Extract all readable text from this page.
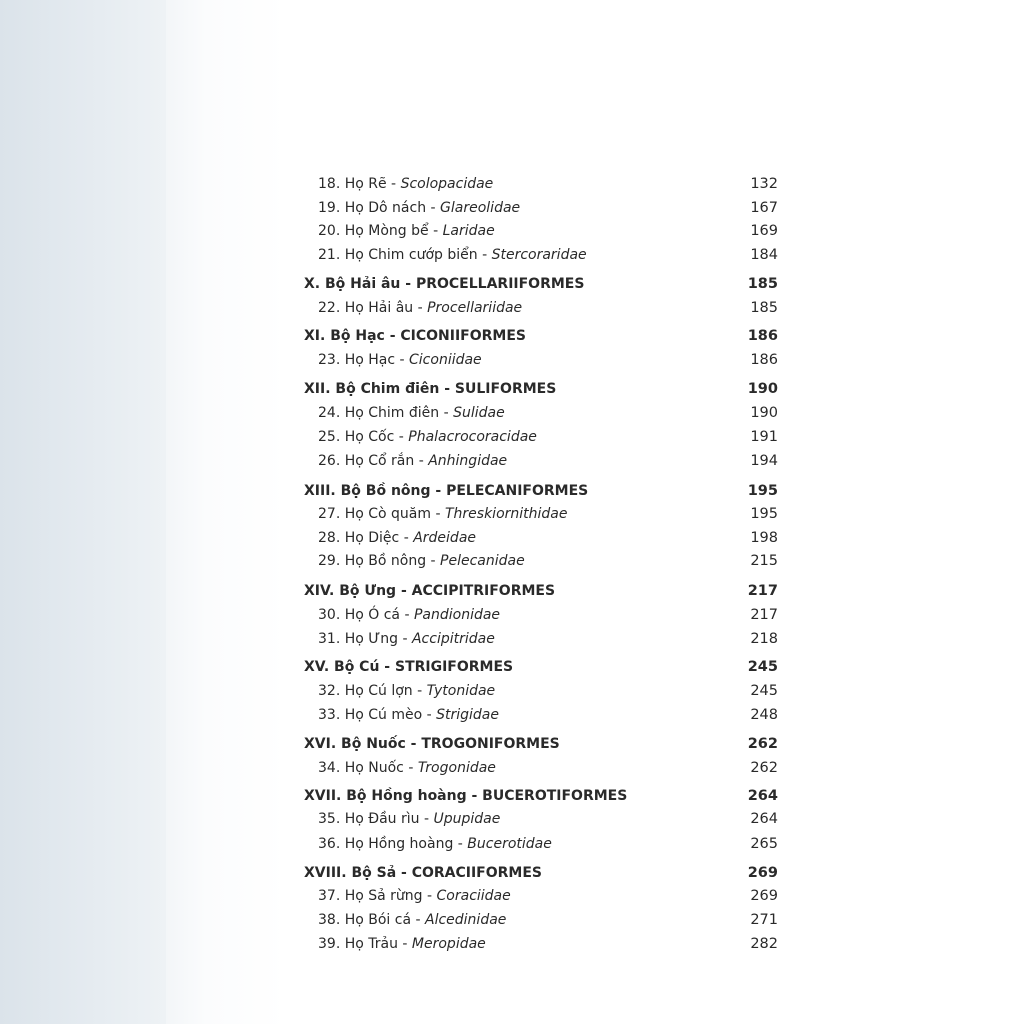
18. Họ Rẽ - Scolopacidae	132
19. Họ Dô nách - Glareolidae	167
20. Họ Mòng bể - Laridae	169
21. Họ Chim cướp biển - Stercoraridae	184
X. Bộ Hải âu - PROCELLARIIFORMES	185
22. Họ Hải âu - Procellariidae	185
XI. Bộ Hạc - CICONIIFORMES	186
23. Họ Hạc - Ciconiidae	186
XII. Bộ Chim điên - SULIFORMES	190
24. Họ Chim điên - Sulidae	190
25. Họ Cốc - Phalacrocoracidae	191
26. Họ Cổ rắn - Anhingidae	194
XIII. Bộ Bồ nông - PELECANIFORMES	195
27. Họ Cò quăm - Threskiornithidae	195
28. Họ Diệc - Ardeidae	198
29. Họ Bồ nông - Pelecanidae	215
XIV. Bộ Ưng - ACCIPITRIFORMES	217
30. Họ Ó cá - Pandionidae	217
31. Họ Ưng - Accipitridae	218
XV. Bộ Cú - STRIGIFORMES	245
32. Họ Cú lợn - Tytonidae	245
33. Họ Cú mèo - Strigidae	248
XVI. Bộ Nuốc - TROGONIFORMES	262
34. Họ Nuốc - Trogonidae	262
XVII. Bộ Hồng hoàng - BUCEROTIFORMES	264
35. Họ Đầu rìu - Upupidae	264
36. Họ Hồng hoàng - Bucerotidae	265
XVIII. Bộ Sả - CORACIIFORMES	269
37. Họ Sả rừng - Coraciidae	269
38. Họ Bói cá - Alcedinidae	271
39. Họ Trảu - Meropidae	282
